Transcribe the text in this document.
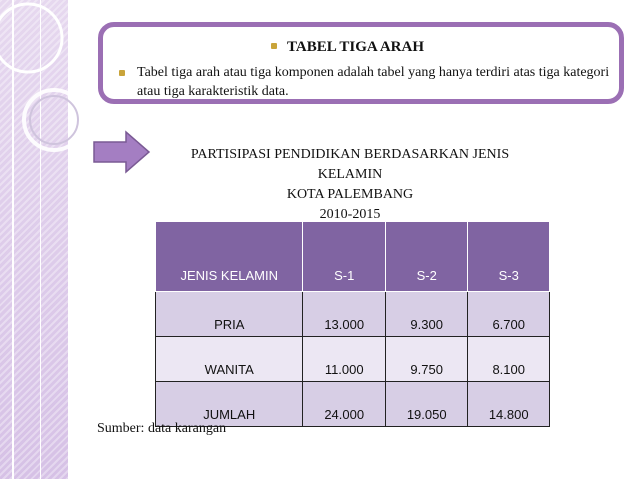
TABEL TIGA ARAH
Tabel tiga arah atau tiga komponen adalah tabel yang hanya terdiri atas tiga kategori atau tiga karakteristik data.
PARTISIPASI PENDIDIKAN BERDASARKAN JENIS
KELAMIN
KOTA PALEMBANG
2010-2015
JENIS KELAMIN	S-1	S-2	S-3
PRIA	13.000	9.300	6.700
WANITA	11.000	9.750	8.100
JUMLAH	24.000	19.050	14.800
Sumber: data karangan
